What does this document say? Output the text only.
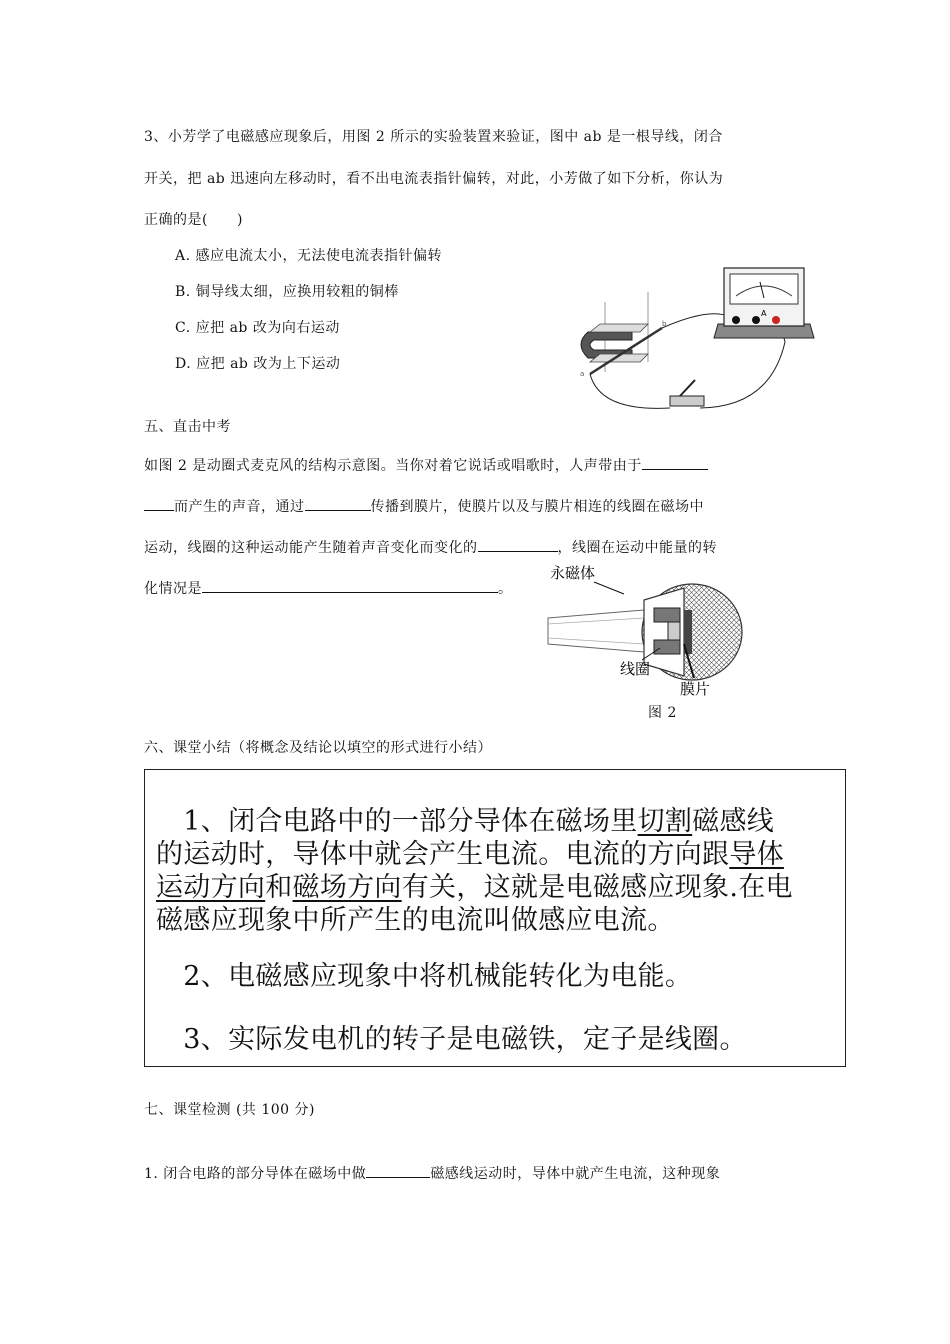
3、小芳学了电磁感应现象后，用图 2 所示的实验装置来验证，图中 ab 是一根导线，闭合
开关，把 ab 迅速向左移动时，看不出电流表指针偏转，对此，小芳做了如下分析，你认为
正确的是(　　)
A. 感应电流太小，无法使电流表指针偏转
B. 铜导线太细，应换用较粗的铜棒
C. 应把 ab 改为向右运动
D. 应把 ab 改为上下运动
a
b
A
五、直击中考
如图 2 是动圈式麦克风的结构示意图。当你对着它说话或唱歌时，人声带由于
而产生的声音，通过	传播到膜片，使膜片以及与膜片相连的线圈在磁场中
运动，线圈的这种运动能产生随着声音变化而变化的	，线圈在运动中能量的转
化情况是	。
永磁体
线圈
膜片
图 2
六、课堂小结（将概念及结论以填空的形式进行小结）
　1、闭合电路中的一部分导体在磁场里切割磁感线
的运动时，导体中就会产生电流。电流的方向跟导体
运动方向和磁场方向有关，这就是电磁感应现象.在电
磁感应现象中所产生的电流叫做感应电流。
　2、电磁感应现象中将机械能转化为电能。
　3、实际发电机的转子是电磁铁，定子是线圈。
七、课堂检测 (共 100 分)
1. 闭合电路的部分导体在磁场中做	磁感线运动时，导体中就产生电流，这种现象
